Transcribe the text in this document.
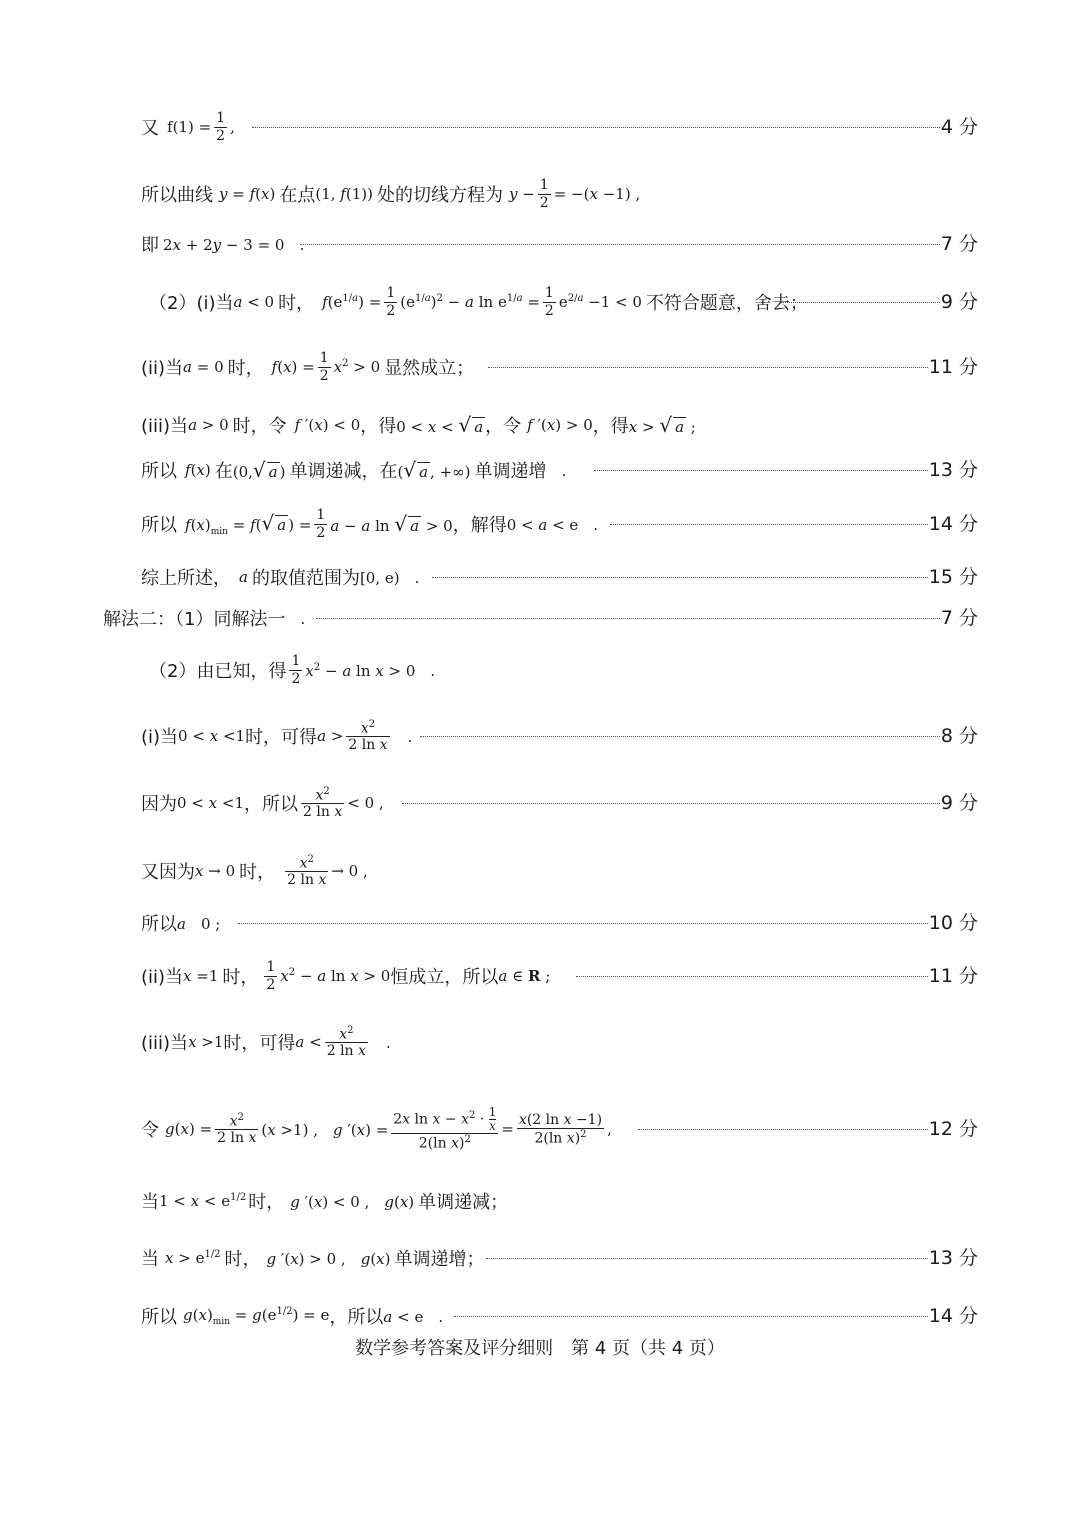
又 f $(1) = \frac{1}{2}$ ,	4 分
所以曲线 y = f(x) 在点 (1, f(1)) 处的切线方程为 $y - \frac{1}{2} = -(x -1)$ ,
即 2x + 2y − 3 = 0　.	7 分
（2）(i)当 a < 0 时， $f(e^{1/a}) = \frac{1}{2} (e^{1/a})^2 - a$ $\ln e^{1/a} = \frac{1}{2} e^{2/a} -1 < 0$ 不符合题意，舍去；	9 分
(ii)当 a = 0 时， $f(x) = \frac{1}{2} x^2 > 0$ 显然成立；	11 分
(iii)当 a > 0 时，令 f ′(x) < 0 ，得 0 < x < √ a ，令 f ′(x) > 0 ，得 x > √ a ;
所以 f(x) 在 (0,√ a ) 单调递减，在 (√ a , +∞) 单调递增 　.	13 分
所以 $f(x)_{min} = f(√$ a ) = $\frac{1}{2}$ a − a ln √ a > 0 ，解得 0 < a < e　.	14 分
综上所述， a 的取值范围为 [0, e)　.	15 分
解法二：（1）同解法一 　.	7 分
（2）由已知，得 $\frac{1}{2} x^2 - a$ ln x > 0　.
(i)当 0 < x <1 时，可得 $a > \frac{x^2}{\text{2 ln x}}$ 　.	8 分
因为 0 < x <1 ，所以 $\frac{x^2}{\text{2 ln x}} < 0$ ,	9 分
又因为 x → 0 时， $\frac{x^2}{\text{2 ln x}} \to 0$ ,
所以 a　0 ;	10 分
(ii)当 x =1 时， $\frac{1}{2} x^2 - a$ ln x > 0 恒成立，所以 a ∈ R ;	11 分
(iii)当 x >1 时，可得 $a < \frac{x^2}{\text{2 ln x}}$ 　.
令 $g(x) = \frac{x^2}{\text{2 ln x}} (x >1)$ ,　g $'(x) = \frac{2x \ln x - x^2 \cdot \frac{1}{x}}{2(\ln x)^2} = \frac{\text{x(2 ln x −1)}}{2(\ln x)^2}$ ,	12 分
当 $1 < x < e^{1/2}$ 时， g ′(x) < 0 ,　g(x) 单调递减；
当 $x > e^{1/2}$ 时， g ′(x) > 0 ,　g(x) 单调递增；	13 分
所以 $g(x)_{min} = g(e^{1/2}) = e$ ，所以 a < e　.	14 分
数学参考答案及评分细则　第 4 页（共 4 页）
